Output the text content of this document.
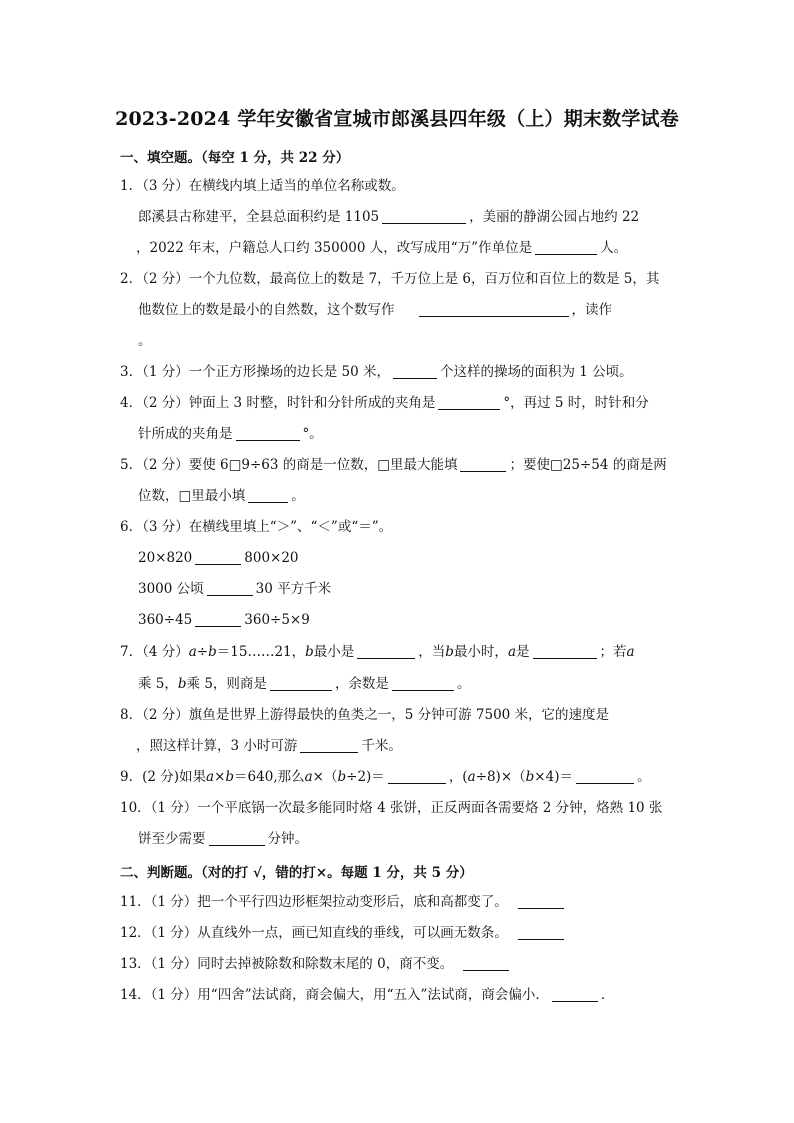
2023-2024 学年安徽省宣城市郎溪县四年级（上）期末数学试卷
一、填空题。（每空 1 分，共 22 分）
1．（3 分）在横线内填上适当的单位名称或数。
郎溪县古称建平，全县总面积约是 1105	，美丽的静湖公园占地约 22
，2022 年末，户籍总人口约 350000 人，改写成用“万”作单位是	人。
2．（2 分）一个九位数，最高位上的数是 7，千万位上是 6，百万位和百位上的数是 5，其
他数位上的数是最小的自然数，这个数写作	，读作
。
3．（1 分）一个正方形操场的边长是 50 米，	个这样的操场的面积为 1 公顷。
4．（2 分）钟面上 3 时整，时针和分针所成的夹角是	°，再过 5 时，时针和分
针所成的夹角是	°。
5．（2 分）要使 6□9÷63 的商是一位数，□里最大能填	；要使□25÷54 的商是两
位数，□里最小填	。
6．（3 分）在横线里填上“＞”、“＜”或“＝”。
20×820	800×20
3000 公顷	30 平方千米
360÷45	360÷5×9
7．（4 分）a÷b＝15……21，b最小是	，当b最小时，a是	；若a
乘 5，b乘 5，则商是	，余数是	。
8．（2 分）旗鱼是世界上游得最快的鱼类之一，5 分钟可游 7500 米，它的速度是
，照这样计算，3 小时可游	千米。
9．(2 分)如果a×b＝640,那么a×（b÷2)＝	，(a÷8)×（b×4)＝	。
10．（1 分）一个平底锅一次最多能同时烙 4 张饼，正反两面各需要烙 2 分钟，烙熟 10 张
饼至少需要	分钟。
二、判断题。（对的打 √，错的打×。每题 1 分，共 5 分）
11．（1 分）把一个平行四边形框架拉动变形后，底和高都变了。
12．（1 分）从直线外一点，画已知直线的垂线，可以画无数条。
13．（1 分）同时去掉被除数和除数末尾的 0，商不变。
14．（1 分）用“四舍”法试商，商会偏大，用“五入”法试商，商会偏小．	．
